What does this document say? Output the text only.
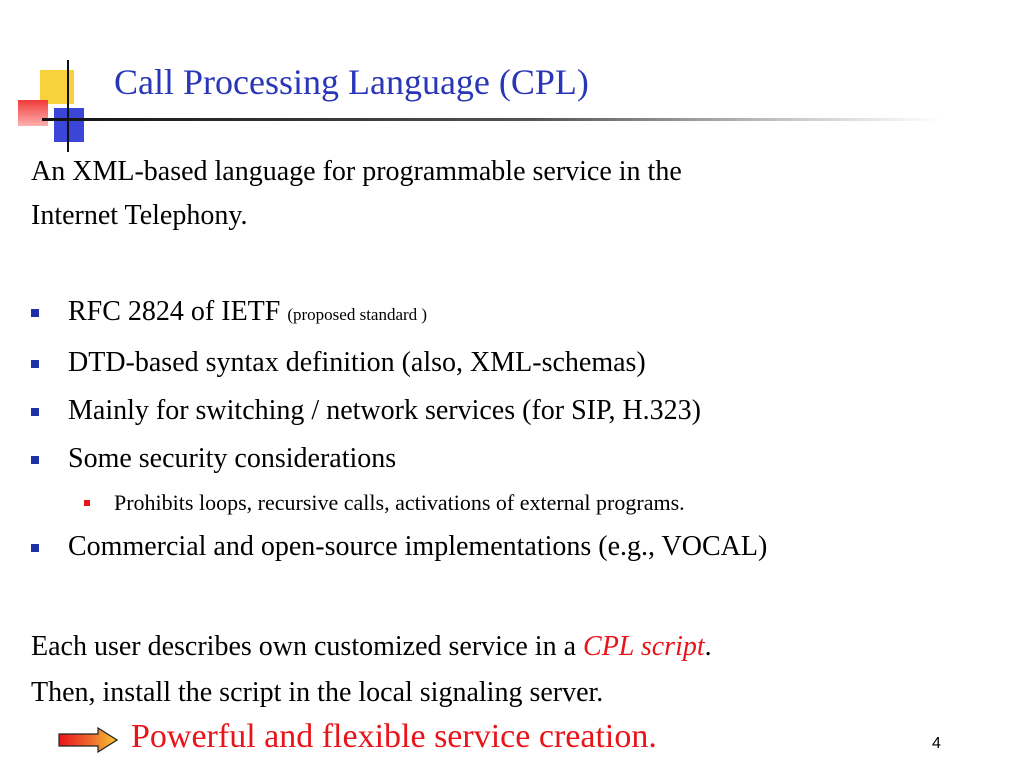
Call Processing Language (CPL)
An XML-based language for programmable service in the
Internet Telephony.
RFC 2824 of IETF (proposed standard )
DTD-based syntax definition (also, XML-schemas)
Mainly for switching / network services (for SIP, H.323)
Some security considerations
Prohibits loops, recursive calls, activations of external programs.
Commercial and open-source implementations (e.g., VOCAL)
Each user describes own customized service in a CPL script.
Then, install the script in the local signaling server.
Powerful and flexible service creation.	4
